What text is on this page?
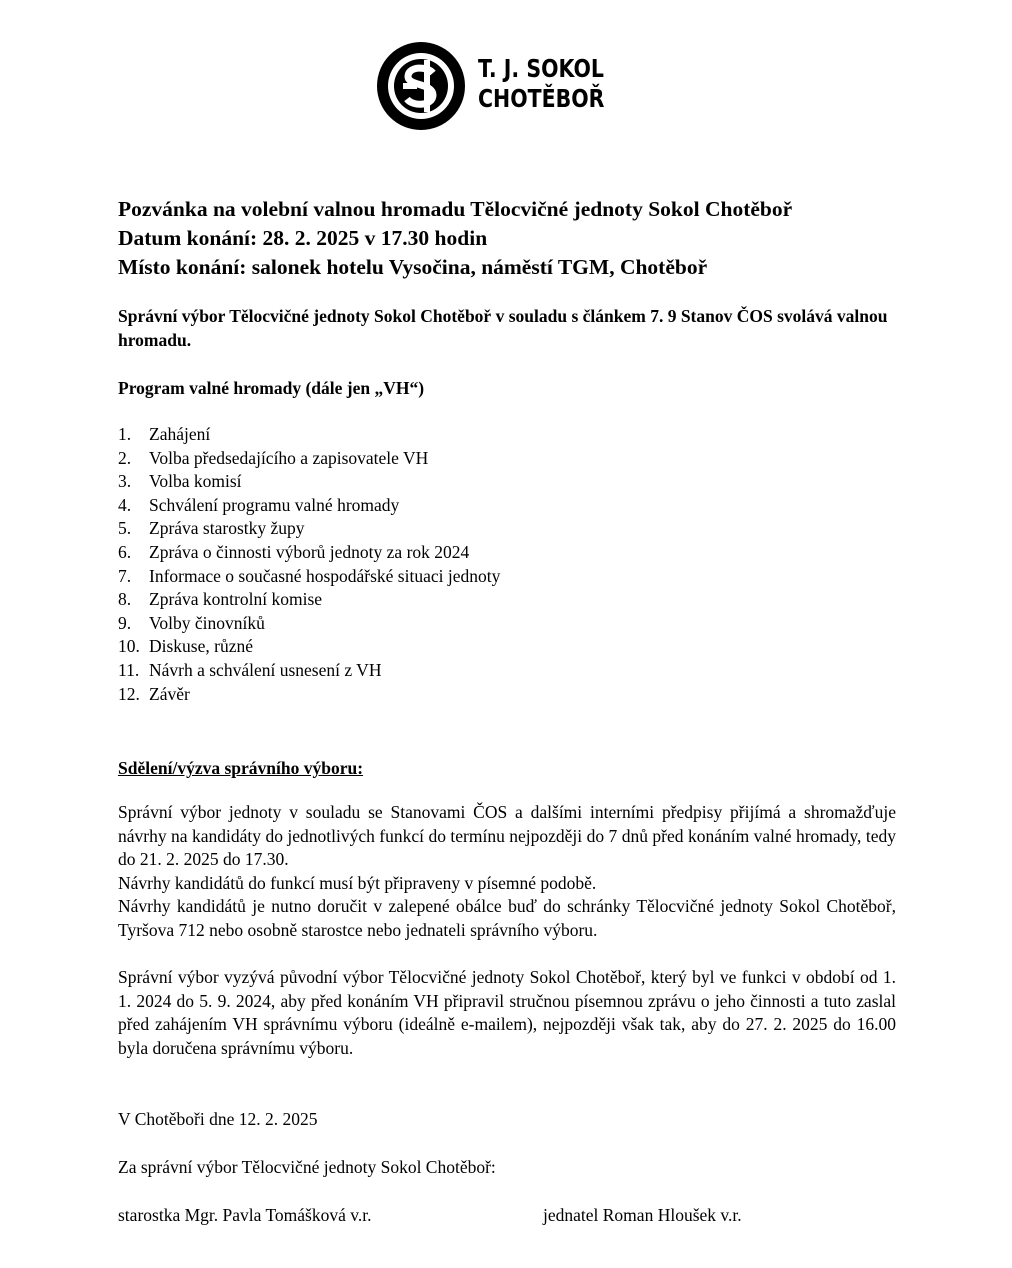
T. J. SOKOL
CHOTĚBOŘ
Pozvánka na volební valnou hromadu Tělocvičné jednoty Sokol Chotěboř
Datum konání: 28. 2. 2025 v 17.30 hodin
Místo konání: salonek hotelu Vysočina, náměstí TGM, Chotěboř
Správní výbor Tělocvičné jednoty Sokol Chotěboř v souladu s článkem 7. 9 Stanov ČOS svolává valnou hromadu.
Program valné hromady (dále jen „VH“)
1.	Zahájení
2.	Volba předsedajícího a zapisovatele VH
3.	Volba komisí
4.	Schválení programu valné hromady
5.	Zpráva starostky župy
6.	Zpráva o činnosti výborů jednoty za rok 2024
7.	Informace o současné hospodářské situaci jednoty
8.	Zpráva kontrolní komise
9.	Volby činovníků
10. Diskuse, různé
11. Návrh a schválení usnesení z VH
12. Závěr
Sdělení/výzva správního výboru:

Správní výbor jednoty v souladu se Stanovami ČOS a dalšími interními předpisy přijímá a shromažďuje návrhy na kandidáty do jednotlivých funkcí do termínu nejpozději do 7 dnů před konáním valné hromady, tedy do 21. 2. 2025 do 17.30.

Návrhy kandidátů do funkcí musí být připraveny v písemné podobě.

Návrhy kandidátů je nutno doručit v zalepené obálce buď do schránky Tělocvičné jednoty Sokol Chotěboř, Tyršova 712 nebo osobně starostce nebo jednateli správního výboru.

Správní výbor vyzývá původní výbor Tělocvičné jednoty Sokol Chotěboř, který byl ve funkci v období od 1. 1. 2024 do 5. 9. 2024, aby před konáním VH připravil stručnou písemnou zprávu o jeho činnosti a tuto zaslal před zahájením VH správnímu výboru (ideálně e-mailem), nejpozději však tak, aby do 27. 2. 2025 do 16.00 byla doručena správnímu výboru.

V Chotěboři dne 12. 2. 2025
Za správní výbor Tělocvičné jednoty Sokol Chotěboř:
starostka Mgr. Pavla Tomášková v.r.	jednatel Roman Hloušek v.r.
